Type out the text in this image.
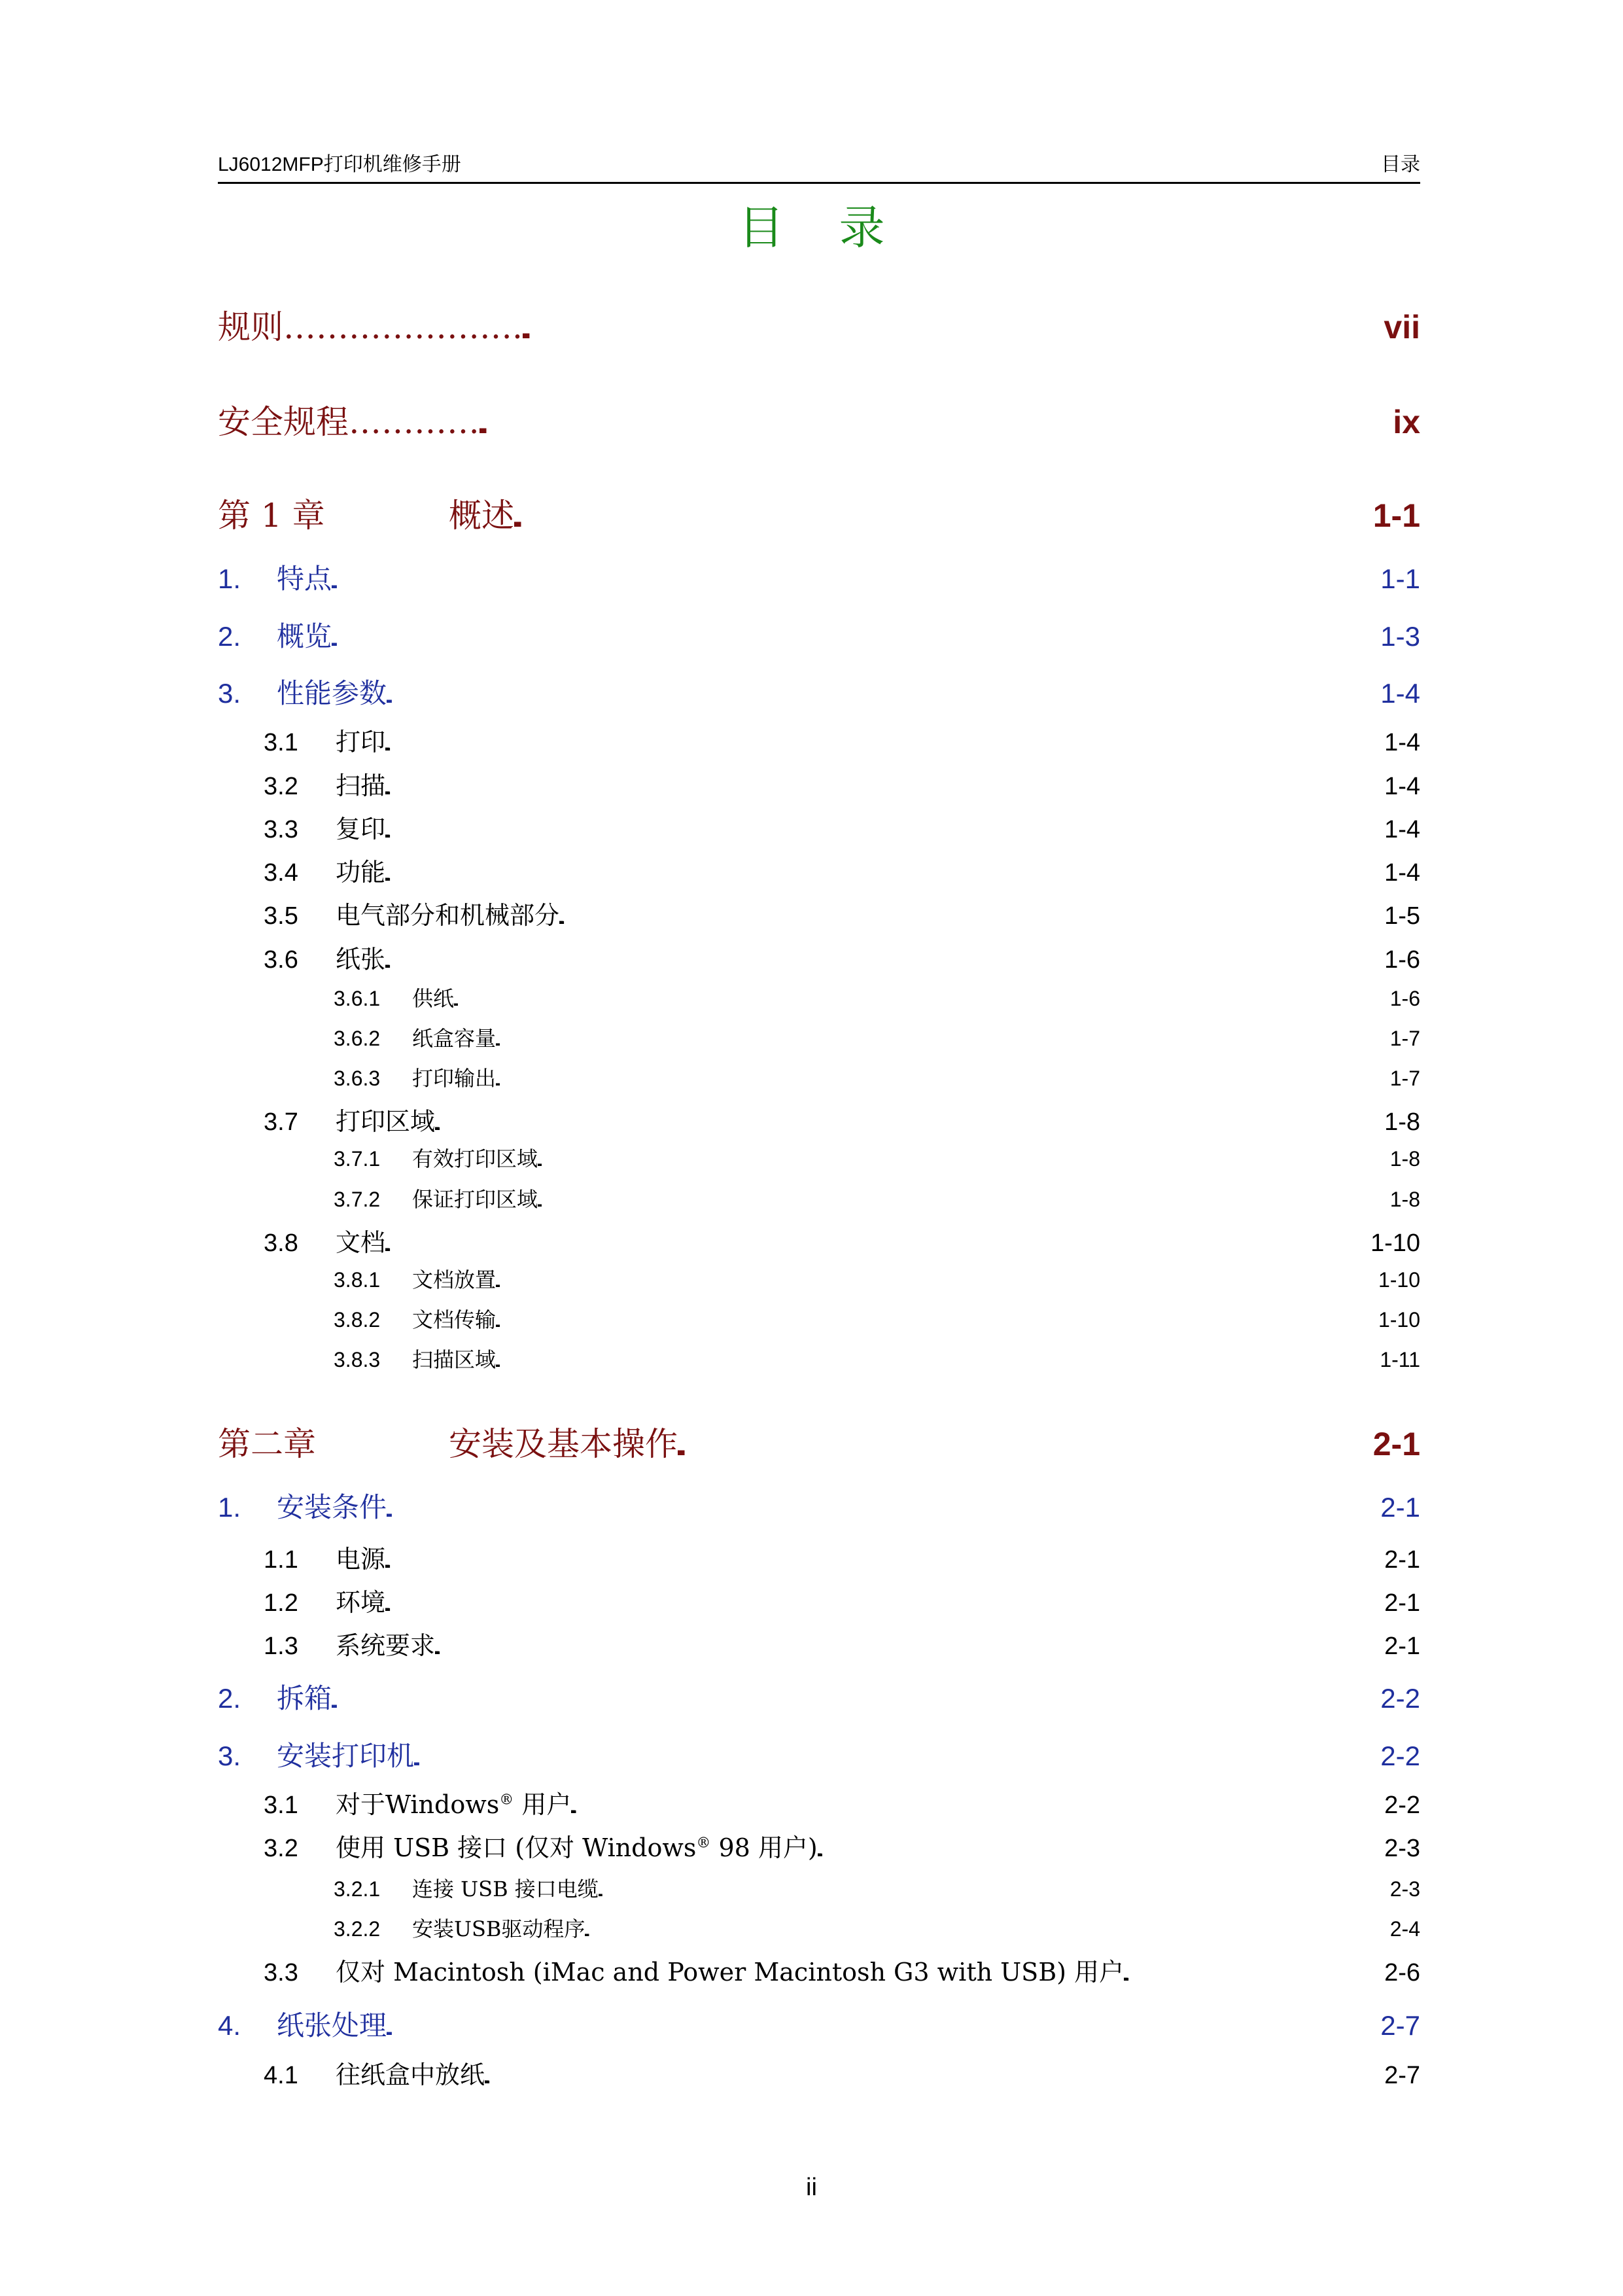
LJ6012MFP打印机维修手册	目录
目 录
规则…………………. . . .	vii
安全规程………… . . .	ix
第 1 章	概述 . . .	1-1
1.	特点 . . .	1-1
2.	概览 . . .	1-3
3.	性能参数 . . .	1-4
3.1	打印 . . .	1-4
3.2	扫描 . . .	1-4
3.3	复印 . . .	1-4
3.4	功能 . . .	1-4
3.5	电气部分和机械部分 . . .	1-5
3.6	纸张 . . .	1-6
3.6.1	供纸 . . .	1-6
3.6.2	纸盒容量 . . .	1-7
3.6.3	打印输出 . . .	1-7
3.7	打印区域 . . .	1-8
3.7.1	有效打印区域 . . .	1-8
3.7.2	保证打印区域 . . .	1-8
3.8	文档 . . .	1-10
3.8.1	文档放置 . . .	1-10
3.8.2	文档传输 . . .	1-10
3.8.3	扫描区域 . . .	1-11
第二章	安装及基本操作 . . .	2-1
1.	安装条件 . . .	2-1
1.1	电源 . . .	2-1
1.2	环境 . . .	2-1
1.3	系统要求 . . .	2-1
2.	拆箱 . . .	2-2
3.	安装打印机 . . .	2-2
3.1	对于Windows® 用户 . . .	2-2
3.2	使用 USB 接口 (仅对 Windows® 98 用户) . . .	2-3
3.2.1	连接 USB 接口电缆 . . .	2-3
3.2.2	安装USB驱动程序 . . .	2-4
3.3	仅对 Macintosh (iMac and Power Macintosh G3 with USB) 用户 . . .	2-6
4.	纸张处理 . . .	2-7
4.1	往纸盒中放纸 . . .	2-7
ii
